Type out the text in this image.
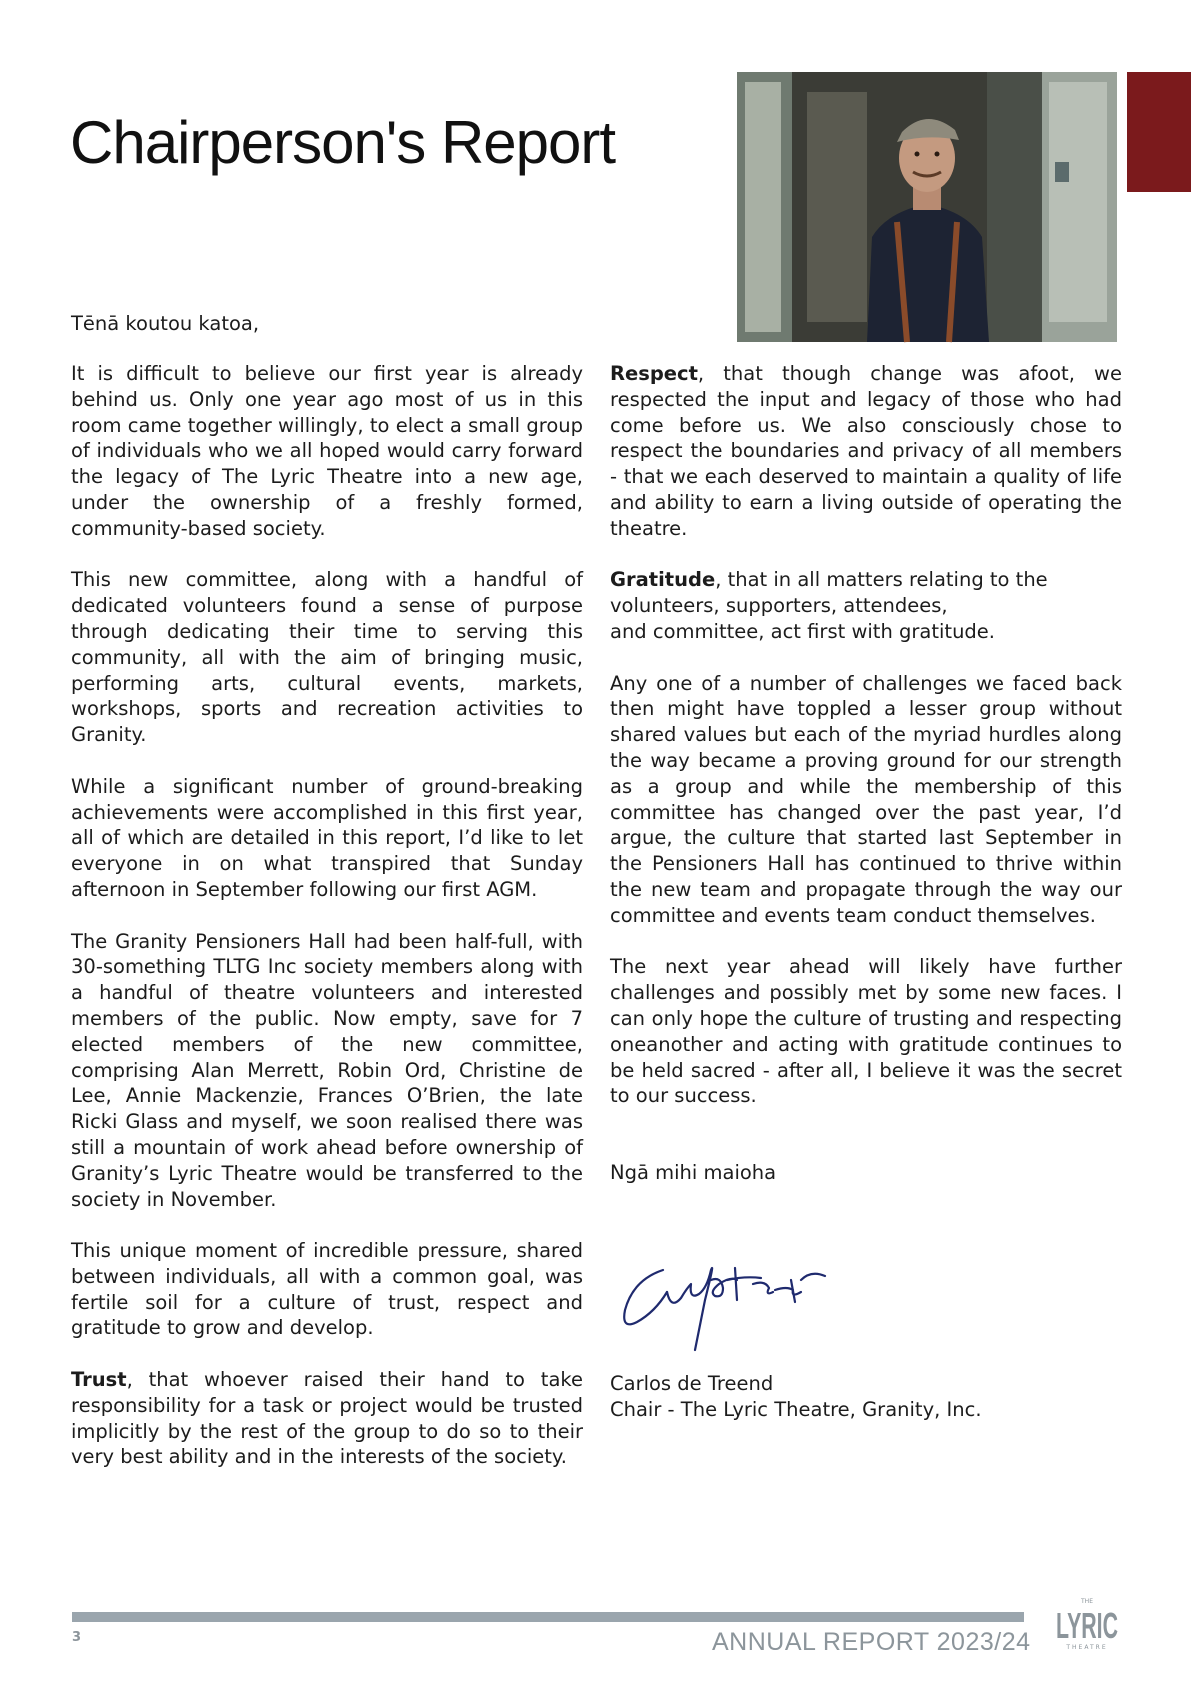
Chairperson's Report

Tēnā koutou katoa,

It is difficult to believe our first year is already behind us. Only one year ago most of us in this room came together willingly, to elect a small group of individuals who we all hoped would carry forward the legacy of The Lyric Theatre into a new age, under the ownership of a freshly formed, community-based society.

This new committee, along with a handful of dedicated volunteers found a sense of purpose through dedicating their time to serving this community, all with the aim of bringing music, performing arts, cultural events, markets, workshops, sports and recreation activities to Granity.

While a significant number of ground-breaking achievements were accomplished in this first year, all of which are detailed in this report, I’d like to let everyone in on what transpired that Sunday afternoon in September following our first AGM.

The Granity Pensioners Hall had been half-full, with 30-something TLTG Inc society members along with a handful of theatre volunteers and interested members of the public. Now empty, save for 7 elected members of the new committee, comprising Alan Merrett, Robin Ord, Christine de Lee, Annie Mackenzie, Frances O’Brien, the late Ricki Glass and myself, we soon realised there was still a mountain of work ahead before ownership of Granity’s Lyric Theatre would be transferred to the society in November.

This unique moment of incredible pressure, shared between individuals, all with a common goal, was fertile soil for a culture of trust, respect and gratitude to grow and develop.

Trust, that whoever raised their hand to take responsibility for a task or project would be trusted implicitly by the rest of the group to do so to their very best ability and in the interests of the society.

Respect, that though change was afoot, we respected the input and legacy of those who had come before us. We also consciously chose to respect the boundaries and privacy of all members - that we each deserved to maintain a quality of life and ability to earn a living outside of operating the theatre.

Gratitude, that in all matters relating to the volunteers, supporters, attendees,
and committee, act first with gratitude.

Any one of a number of challenges we faced back then might have toppled a lesser group without shared values but each of the myriad hurdles along the way became a proving ground for our strength as a group and while the membership of this committee has changed over the past year, I’d argue, the culture that started last September in the Pensioners Hall has continued to thrive within the new team and propagate through the way our committee and events team conduct themselves.

The next year ahead will likely have further challenges and possibly met by some new faces. I can only hope the culture of trusting and respecting oneanother and acting with gratitude continues to be held sacred - after all, I believe it was the secret to our success.

Ngā mihi maioha

Carlos de Treend
Chair - The Lyric Theatre, Granity, Inc.

3	ANNUAL REPORT 2023/24

THE
LYRIC
THEATRE
